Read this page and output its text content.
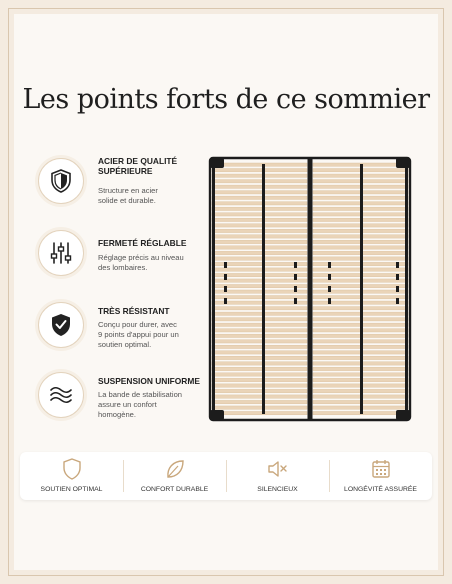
Les points forts de ce sommier
ACIER DE QUALITÉ
SUPÉRIEURE
Structure en acier
solide et durable.
FERMETÉ RÉGLABLE
Réglage précis au niveau
des lombaires.
TRÈS RÉSISTANT
Conçu pour durer, avec
9 points d'appui pour un
soutien optimal.
SUSPENSION UNIFORME
La bande de stabilisation
assure un confort
homogène.
SOUTIEN OPTIMAL	CONFORT DURABLE	SILENCIEUX	LONGÉVITÉ ASSURÉE
